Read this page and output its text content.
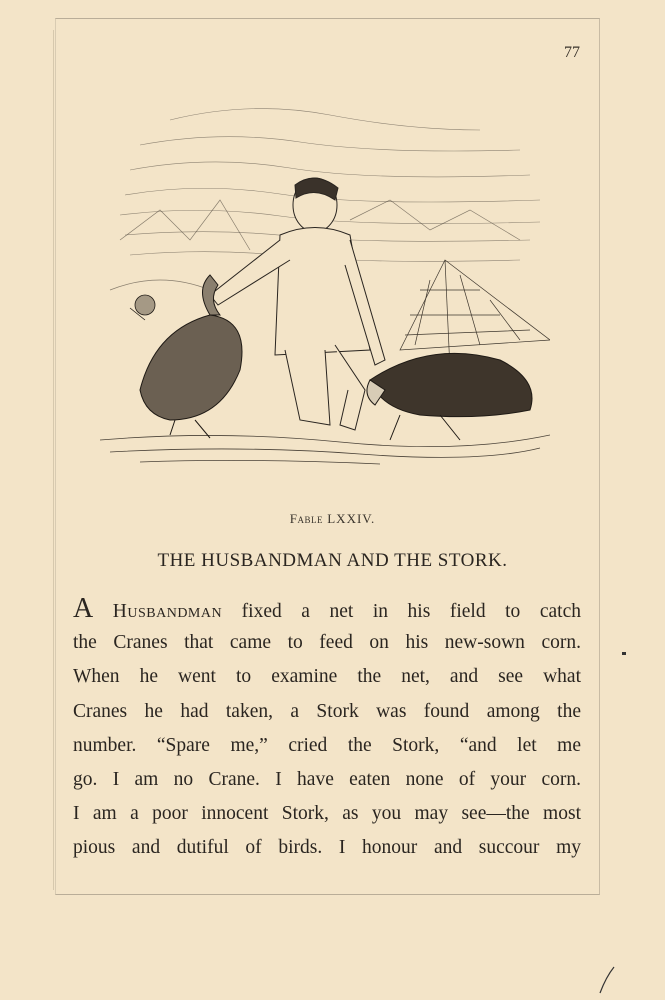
77
Fable LXXIV.
THE HUSBANDMAN AND THE STORK.
A Husbandman fixed a net in his field to catch
the Cranes that came to feed on his new-sown corn.
When he went to examine the net, and see what
Cranes he had taken, a Stork was found among the
number. “Spare me,” cried the Stork, “and let me
go. I am no Crane. I have eaten none of your corn.
I am a poor innocent Stork, as you may see—the most
pious and dutiful of birds. I honour and succour my
